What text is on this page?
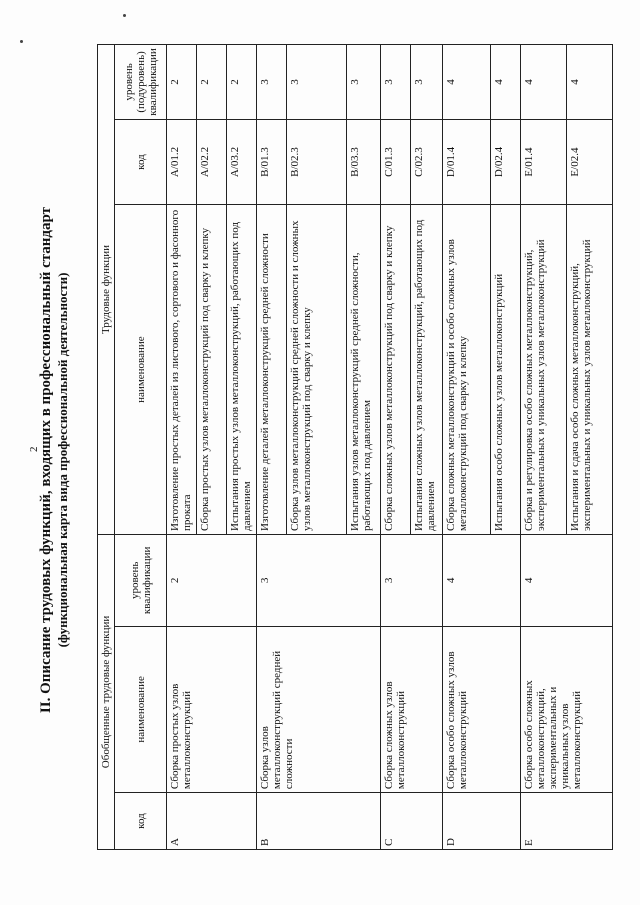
2
II. Описание трудовых функций, входящих в профессиональный стандарт (функциональная карта вида профессиональной деятельности)
Обобщенные трудовые функции			Трудовые функции		
код	наименование	уровень квалификации	наименование	код	уровень (подуровень) квалификации
A	Сборка простых узлов металлоконструкций	2	Изготовление простых деталей из листового, сортового и фасонного проката	A/01.2	2
			Сборка простых узлов металлоконструкций под сварку и клепку	A/02.2	2
			Испытания простых узлов металлоконструкций, работающих под давлением	A/03.2	2
B	Сборка узлов металлоконструкций средней сложности	3	Изготовление деталей металлоконструкций средней сложности	B/01.3	3
			Сборка узлов металлоконструкций средней сложности и сложных узлов металлоконструкций под сварку и клепку	B/02.3	3
			Испытания узлов металлоконструкций средней сложности, работающих под давлением	B/03.3	3
C	Сборка сложных узлов металлоконструкций	3	Сборка сложных узлов металлоконструкций под сварку и клепку	C/01.3	3
			Испытания сложных узлов металлоконструкций, работающих под давлением	C/02.3	3
D	Сборка особо сложных узлов металлоконструкций	4	Сборка сложных металлоконструкций и особо сложных узлов металлоконструкций под сварку и клепку	D/01.4	4
			Испытания особо сложных узлов металлоконструкций	D/02.4	4
E	Сборка особо сложных металлоконструкций, экспериментальных и уникальных узлов металлоконструкций	4	Сборка и регулировка особо сложных металлоконструкций, экспериментальных и уникальных узлов металлоконструкций	E/01.4	4
			Испытания и сдача особо сложных металлоконструкций, экспериментальных и уникальных узлов металлоконструкций	E/02.4	4
